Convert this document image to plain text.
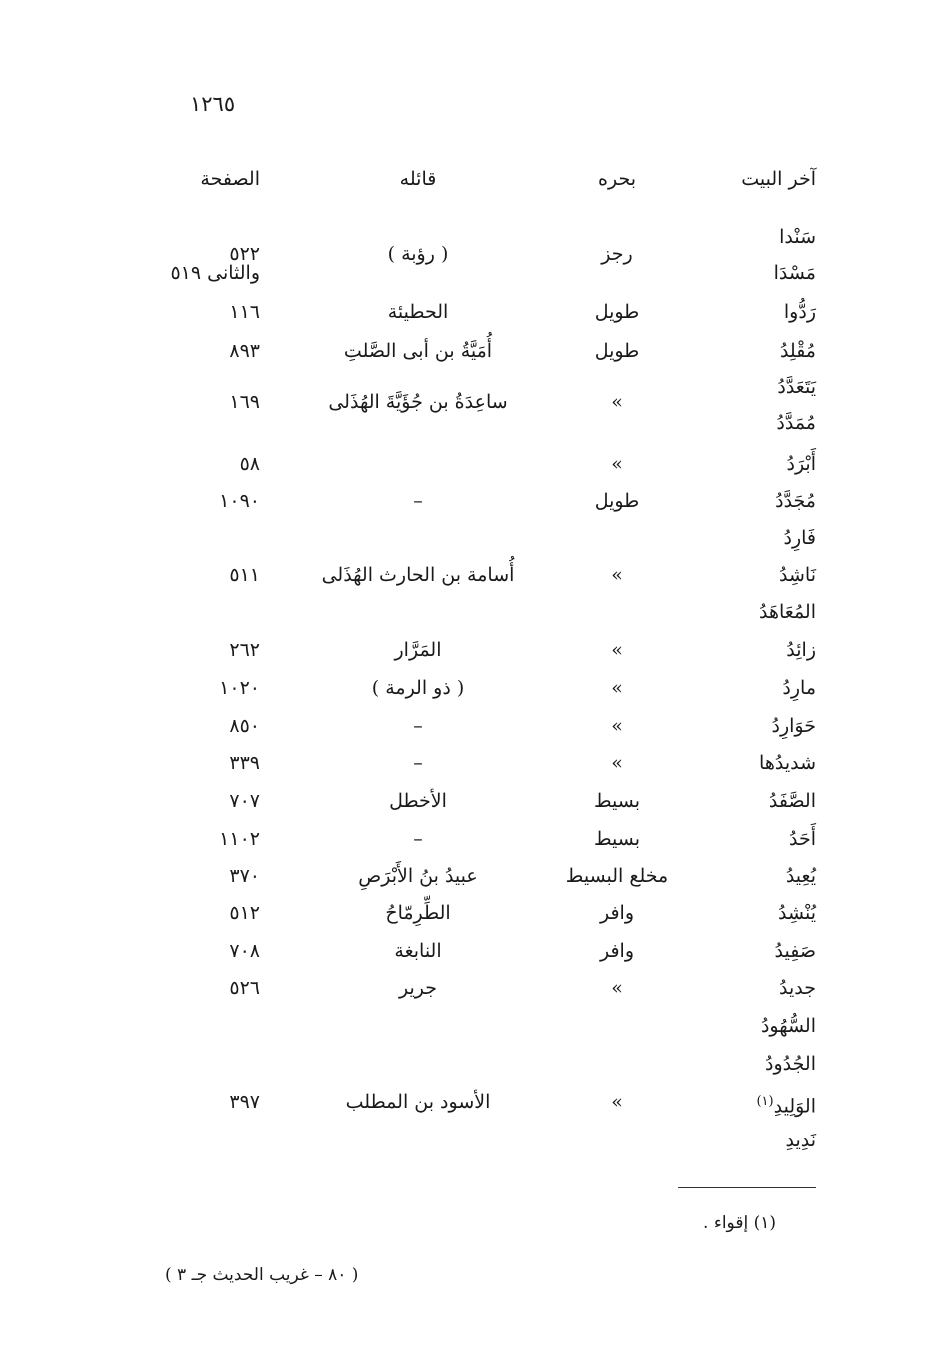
١٢٦٥
آخر البيت
بحره
قائله
الصفحة
سَنْدا
رجز
( رؤبة )
٥٢٢
مَسْدَا
والثانى ٥١٩
رَدُّوا
طويل
الحطيئة
١١٦
مُقْلِدُ
طويل
أُمَيَّةُ بن أبى الصَّلتِ
٨٩٣
يَتَعَدَّدُ
»
ساعِدَةُ بن جُؤَيَّةَ الهُذَلى
١٦٩
مُمَدَّدُ
أَبْرَدُ
»
٥٨
مُجَدَّدُ
طويل
–
١٠٩٠
فَارِدُ
نَاشِدُ
»
أُسامة بن الحارث الهُذَلى
٥١١
المُعَاهَدُ
زائِدُ
»
المَرَّار
٢٦٢
مارِدُ
»
( ذو الرمة )
١٠٢٠
حَوَارِدُ
»
–
٨٥٠
شديدُها
»
–
٣٣٩
الصَّفَدُ
بسيط
الأخطل
٧٠٧
أَحَدُ
بسيط
–
١١٠٢
يُعِيدُ
مخلع البسيط
عبيدُ بنُ الأَبْرَصِ
٣٧٠
يُنْشِدُ
وافر
الطِّرِمّاحُ
٥١٢
صَفِيدُ
وافر
النابغة
٧٠٨
جديدُ
»
جرير
٥٢٦
السُّهُودُ
الجُدُودُ
الوَلِيدِ$^{(١)}$
»
الأسود بن المطلب
٣٩٧
نَدِيدِ
(١) إقواء .
( ٨٠ – غريب الحديث جـ ٣ )
